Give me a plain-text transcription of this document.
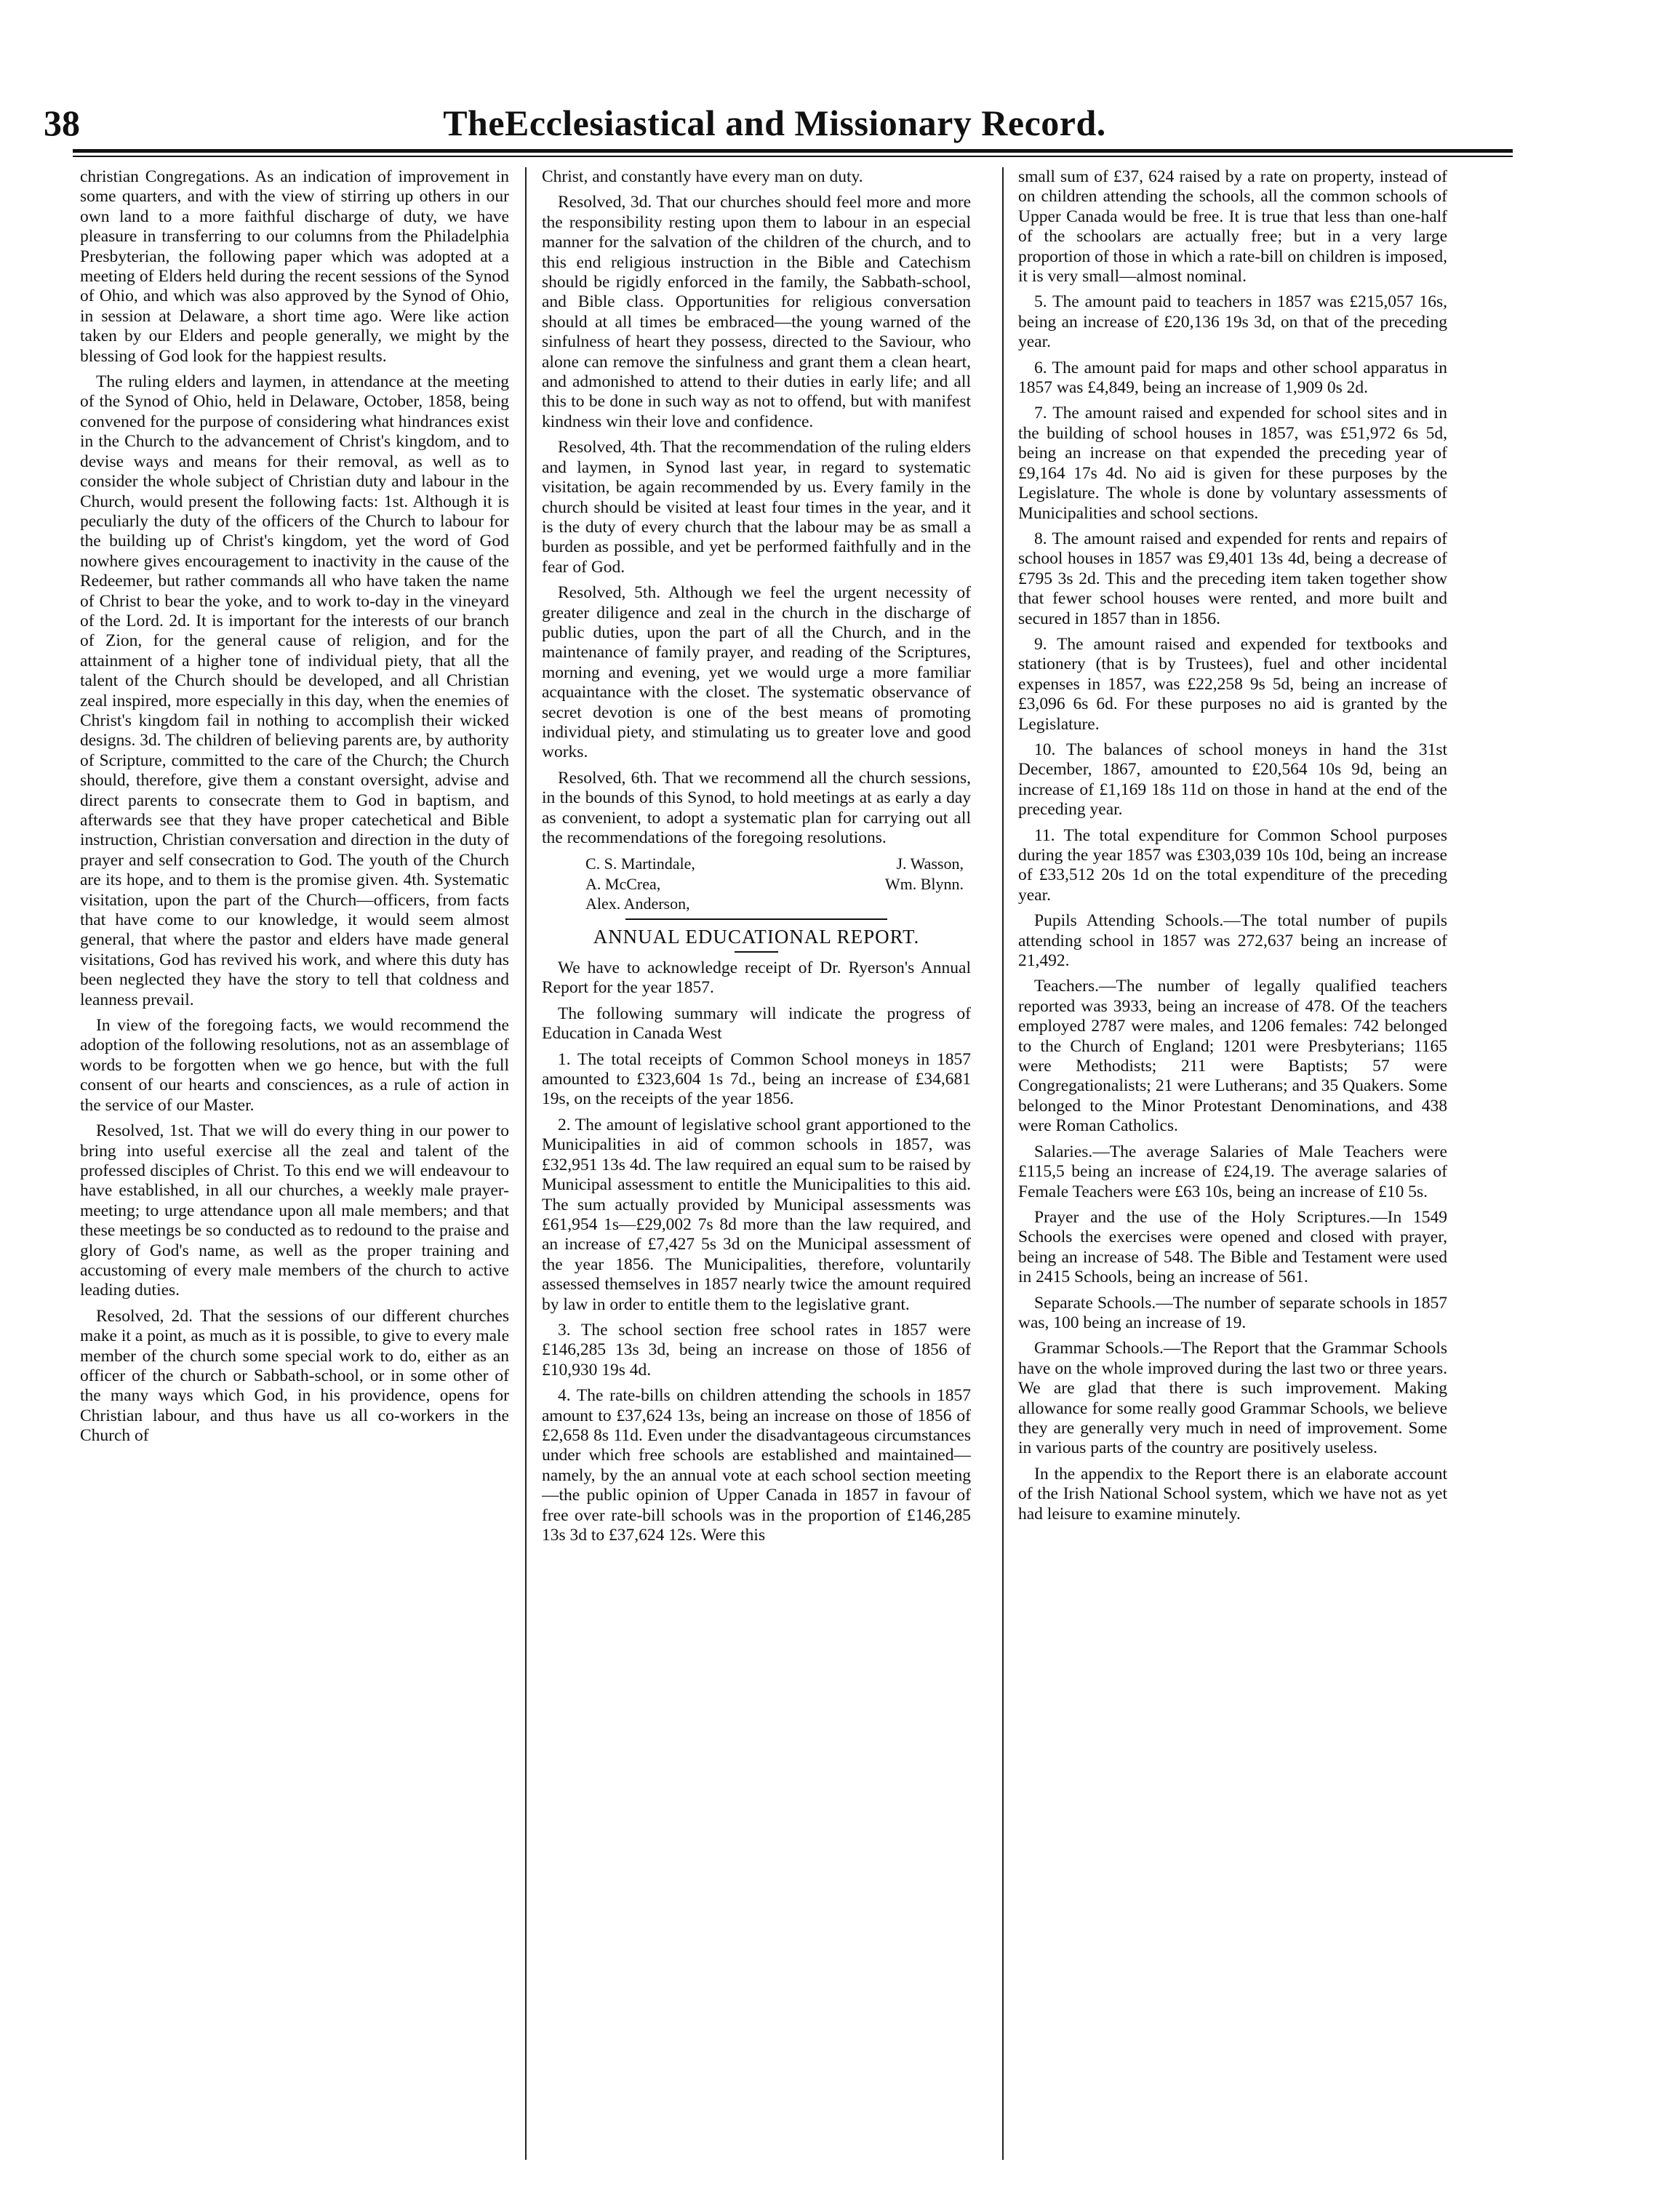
38	TheEcclesiastical and Missionary Record.

christian Congregations. As an indication of improvement in some quarters, and with the view of stirring up others in our own land to a more faithful discharge of duty, we have pleasure in transferring to our columns from the Philadelphia Presbyterian, the following paper which was adopted at a meeting of Elders held during the recent sessions of the Synod of Ohio, and which was also approved by the Synod of Ohio, in session at Delaware, a short time ago. Were like action taken by our Elders and people generally, we might by the blessing of God look for the happiest results.

The ruling elders and laymen, in attendance at the meeting of the Synod of Ohio, held in Delaware, October, 1858, being convened for the purpose of considering what hindrances exist in the Church to the advancement of Christ's kingdom, and to devise ways and means for their removal, as well as to consider the whole subject of Christian duty and labour in the Church, would present the following facts: 1st. Although it is peculiarly the duty of the officers of the Church to labour for the building up of Christ's kingdom, yet the word of God nowhere gives encouragement to inactivity in the cause of the Redeemer, but rather commands all who have taken the name of Christ to bear the yoke, and to work to-day in the vineyard of the Lord. 2d. It is important for the interests of our branch of Zion, for the general cause of religion, and for the attainment of a higher tone of individual piety, that all the talent of the Church should be developed, and all Christian zeal inspired, more especially in this day, when the enemies of Christ's kingdom fail in nothing to accomplish their wicked designs. 3d. The children of believing parents are, by authority of Scripture, committed to the care of the Church; the Church should, therefore, give them a constant oversight, advise and direct parents to consecrate them to God in baptism, and afterwards see that they have proper catechetical and Bible instruction, Christian conversation and direction in the duty of prayer and self consecration to God. The youth of the Church are its hope, and to them is the promise given. 4th. Systematic visitation, upon the part of the Church—officers, from facts that have come to our knowledge, it would seem almost general, that where the pastor and elders have made general visitations, God has revived his work, and where this duty has been neglected they have the story to tell that coldness and leanness prevail.

In view of the foregoing facts, we would recommend the adoption of the following resolutions, not as an assemblage of words to be forgotten when we go hence, but with the full consent of our hearts and consciences, as a rule of action in the service of our Master.

Resolved, 1st. That we will do every thing in our power to bring into useful exercise all the zeal and talent of the professed disciples of Christ. To this end we will endeavour to have established, in all our churches, a weekly male prayer-meeting; to urge attendance upon all male members; and that these meetings be so conducted as to redound to the praise and glory of God's name, as well as the proper training and accustoming of every male members of the church to active leading duties.

Resolved, 2d. That the sessions of our different churches make it a point, as much as it is possible, to give to every male member of the church some special work to do, either as an officer of the church or Sabbath-school, or in some other of the many ways which God, in his providence, opens for Christian labour, and thus have us all co-workers in the Church of

Christ, and constantly have every man on duty.

Resolved, 3d. That our churches should feel more and more the responsibility resting upon them to labour in an especial manner for the salvation of the children of the church, and to this end religious instruction in the Bible and Catechism should be rigidly enforced in the family, the Sabbath-school, and Bible class. Opportunities for religious conversation should at all times be embraced—the young warned of the sinfulness of heart they possess, directed to the Saviour, who alone can remove the sinfulness and grant them a clean heart, and admonished to attend to their duties in early life; and all this to be done in such way as not to offend, but with manifest kindness win their love and confidence.

Resolved, 4th. That the recommendation of the ruling elders and laymen, in Synod last year, in regard to systematic visitation, be again recommended by us. Every family in the church should be visited at least four times in the year, and it is the duty of every church that the labour may be as small a burden as possible, and yet be performed faithfully and in the fear of God.

Resolved, 5th. Although we feel the urgent necessity of greater diligence and zeal in the church in the discharge of public duties, upon the part of all the Church, and in the maintenance of family prayer, and reading of the Scriptures, morning and evening, yet we would urge a more familiar acquaintance with the closet. The systematic observance of secret devotion is one of the best means of promoting individual piety, and stimulating us to greater love and good works.

Resolved, 6th. That we recommend all the church sessions, in the bounds of this Synod, to hold meetings at as early a day as convenient, to adopt a systematic plan for carrying out all the recommendations of the foregoing resolutions.

C. S. Martindale,	J. Wasson,
A. McCrea,	Wm. Blynn.
Alex. Anderson,

ANNUAL EDUCATIONAL REPORT.

We have to acknowledge receipt of Dr. Ryerson's Annual Report for the year 1857.

The following summary will indicate the progress of Education in Canada West

1. The total receipts of Common School moneys in 1857 amounted to £323,604 1s 7d., being an increase of £34,681 19s, on the receipts of the year 1856.

2. The amount of legislative school grant apportioned to the Municipalities in aid of common schools in 1857, was £32,951 13s 4d. The law required an equal sum to be raised by Municipal assessment to entitle the Municipalities to this aid. The sum actually provided by Municipal assessments was £61,954 1s—£29,002 7s 8d more than the law required, and an increase of £7,427 5s 3d on the Municipal assessment of the year 1856. The Municipalities, therefore, voluntarily assessed themselves in 1857 nearly twice the amount required by law in order to entitle them to the legislative grant.

3. The school section free school rates in 1857 were £146,285 13s 3d, being an increase on those of 1856 of £10,930 19s 4d.

4. The rate-bills on children attending the schools in 1857 amount to £37,624 13s, being an increase on those of 1856 of £2,658 8s 11d. Even under the disadvantageous circumstances under which free schools are established and maintained—namely, by the an annual vote at each school section meeting—the public opinion of Upper Canada in 1857 in favour of free over rate-bill schools was in the proportion of £146,285 13s 3d to £37,624 12s. Were this

small sum of £37, 624 raised by a rate on property, instead of on children attending the schools, all the common schools of Upper Canada would be free. It is true that less than one-half of the schoolars are actually free; but in a very large proportion of those in which a rate-bill on children is imposed, it is very small—almost nominal.

5. The amount paid to teachers in 1857 was £215,057 16s, being an increase of £20,136 19s 3d, on that of the preceding year.

6. The amount paid for maps and other school apparatus in 1857 was £4,849, being an increase of 1,909 0s 2d.

7. The amount raised and expended for school sites and in the building of school houses in 1857, was £51,972 6s 5d, being an increase on that expended the preceding year of £9,164 17s 4d. No aid is given for these purposes by the Legislature. The whole is done by voluntary assessments of Municipalities and school sections.

8. The amount raised and expended for rents and repairs of school houses in 1857 was £9,401 13s 4d, being a decrease of £795 3s 2d. This and the preceding item taken together show that fewer school houses were rented, and more built and secured in 1857 than in 1856.

9. The amount raised and expended for textbooks and stationery (that is by Trustees), fuel and other incidental expenses in 1857, was £22,258 9s 5d, being an increase of £3,096 6s 6d. For these purposes no aid is granted by the Legislature.

10. The balances of school moneys in hand the 31st December, 1867, amounted to £20,564 10s 9d, being an increase of £1,169 18s 11d on those in hand at the end of the preceding year.

11. The total expenditure for Common School purposes during the year 1857 was £303,039 10s 10d, being an increase of £33,512 20s 1d on the total expenditure of the preceding year.

Pupils Attending Schools.—The total number of pupils attending school in 1857 was 272,637 being an increase of 21,492.

Teachers.—The number of legally qualified teachers reported was 3933, being an increase of 478. Of the teachers employed 2787 were males, and 1206 females: 742 belonged to the Church of England; 1201 were Presbyterians; 1165 were Methodists; 211 were Baptists; 57 were Congregationalists; 21 were Lutherans; and 35 Quakers. Some belonged to the Minor Protestant Denominations, and 438 were Roman Catholics.

Salaries.—The average Salaries of Male Teachers were £115,5 being an increase of £24,19. The average salaries of Female Teachers were £63 10s, being an increase of £10 5s.

Prayer and the use of the Holy Scriptures.—In 1549 Schools the exercises were opened and closed with prayer, being an increase of 548. The Bible and Testament were used in 2415 Schools, being an increase of 561.

Separate Schools.—The number of separate schools in 1857 was, 100 being an increase of 19.

Grammar Schools.—The Report that the Grammar Schools have on the whole improved during the last two or three years. We are glad that there is such improvement. Making allowance for some really good Grammar Schools, we believe they are generally very much in need of improvement. Some in various parts of the country are positively useless.

In the appendix to the Report there is an elaborate account of the Irish National School system, which we have not as yet had leisure to examine minutely.
